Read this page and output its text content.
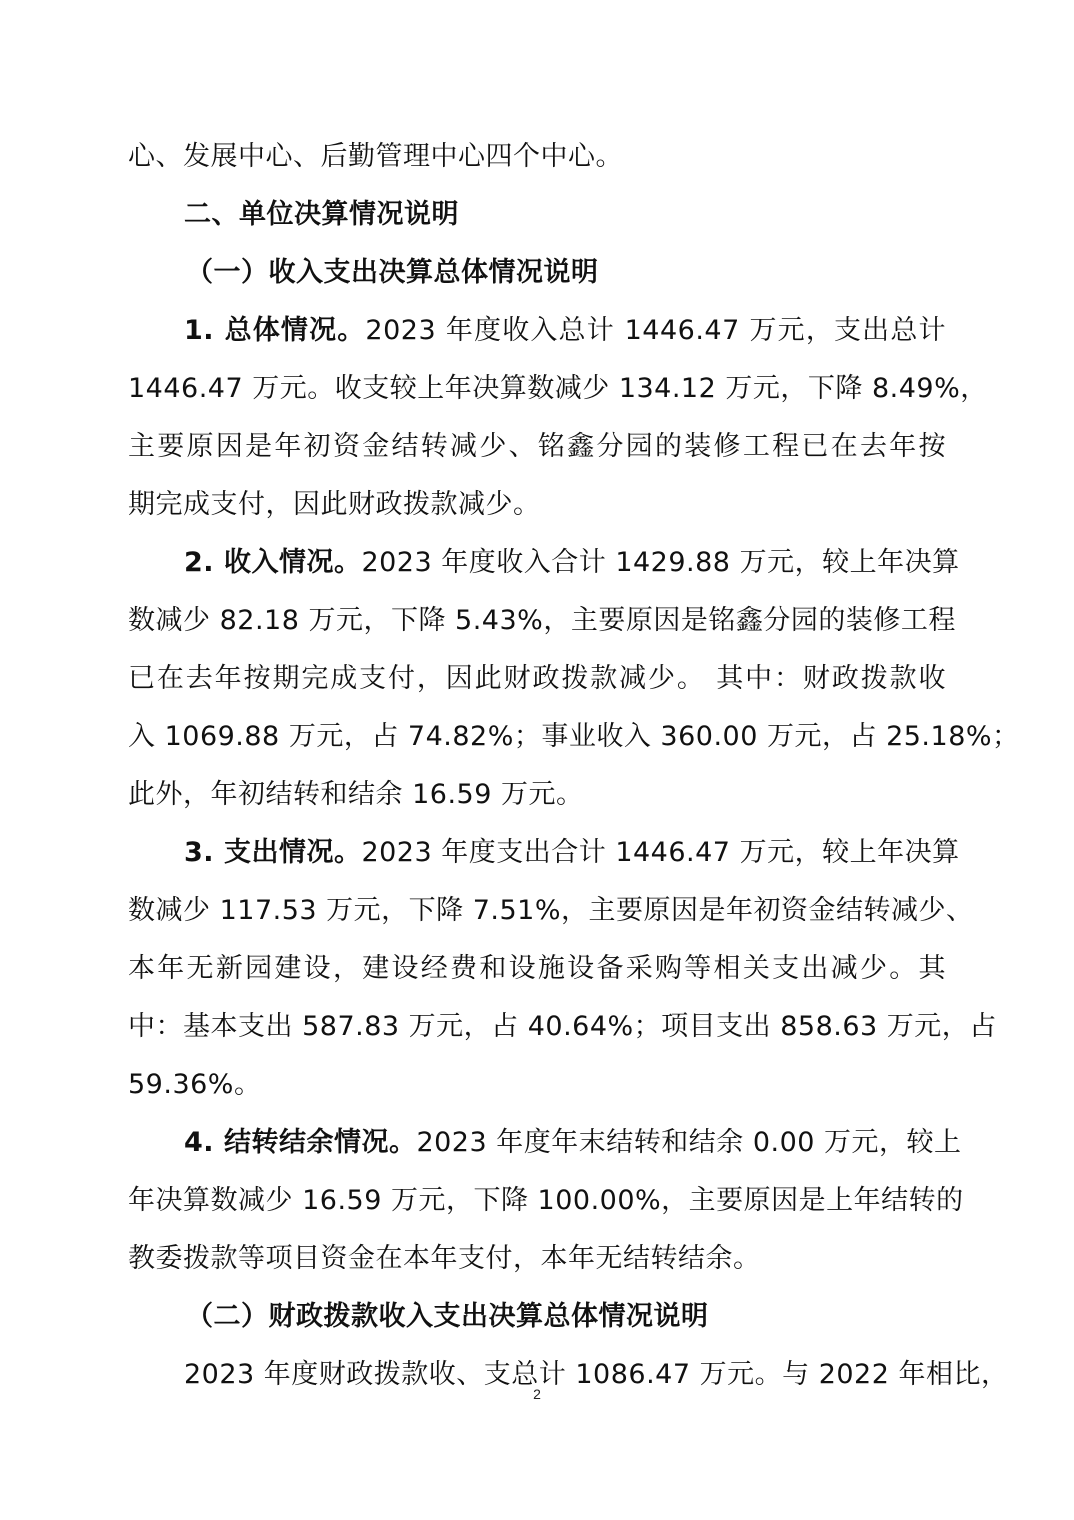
心、发展中心、后勤管理中心四个中心。
二、单位决算情况说明
（一）收入支出决算总体情况说明
1. 总体情况。2023 年度收入总计 1446.47 万元，支出总计
1446.47 万元。收支较上年决算数减少 134.12 万元，下降 8.49%，
主要原因是年初资金结转减少、铭鑫分园的装修工程已在去年按
期完成支付，因此财政拨款减少。
2. 收入情况。2023 年度收入合计 1429.88 万元，较上年决算
数减少 82.18 万元，下降 5.43%，主要原因是铭鑫分园的装修工程
已在去年按期完成支付，因此财政拨款减少。 其中：财政拨款收
入 1069.88 万元，占 74.82%；事业收入 360.00 万元，占 25.18%；
此外，年初结转和结余 16.59 万元。
3. 支出情况。2023 年度支出合计 1446.47 万元，较上年决算
数减少 117.53 万元，下降 7.51%，主要原因是年初资金结转减少、
本年无新园建设，建设经费和设施设备采购等相关支出减少。其
中：基本支出 587.83 万元，占 40.64%；项目支出 858.63 万元，占
59.36%。
4. 结转结余情况。2023 年度年末结转和结余 0.00 万元，较上
年决算数减少 16.59 万元，下降 100.00%，主要原因是上年结转的
教委拨款等项目资金在本年支付，本年无结转结余。
（二）财政拨款收入支出决算总体情况说明
2023 年度财政拨款收、支总计 1086.47 万元。与 2022 年相比，
2
